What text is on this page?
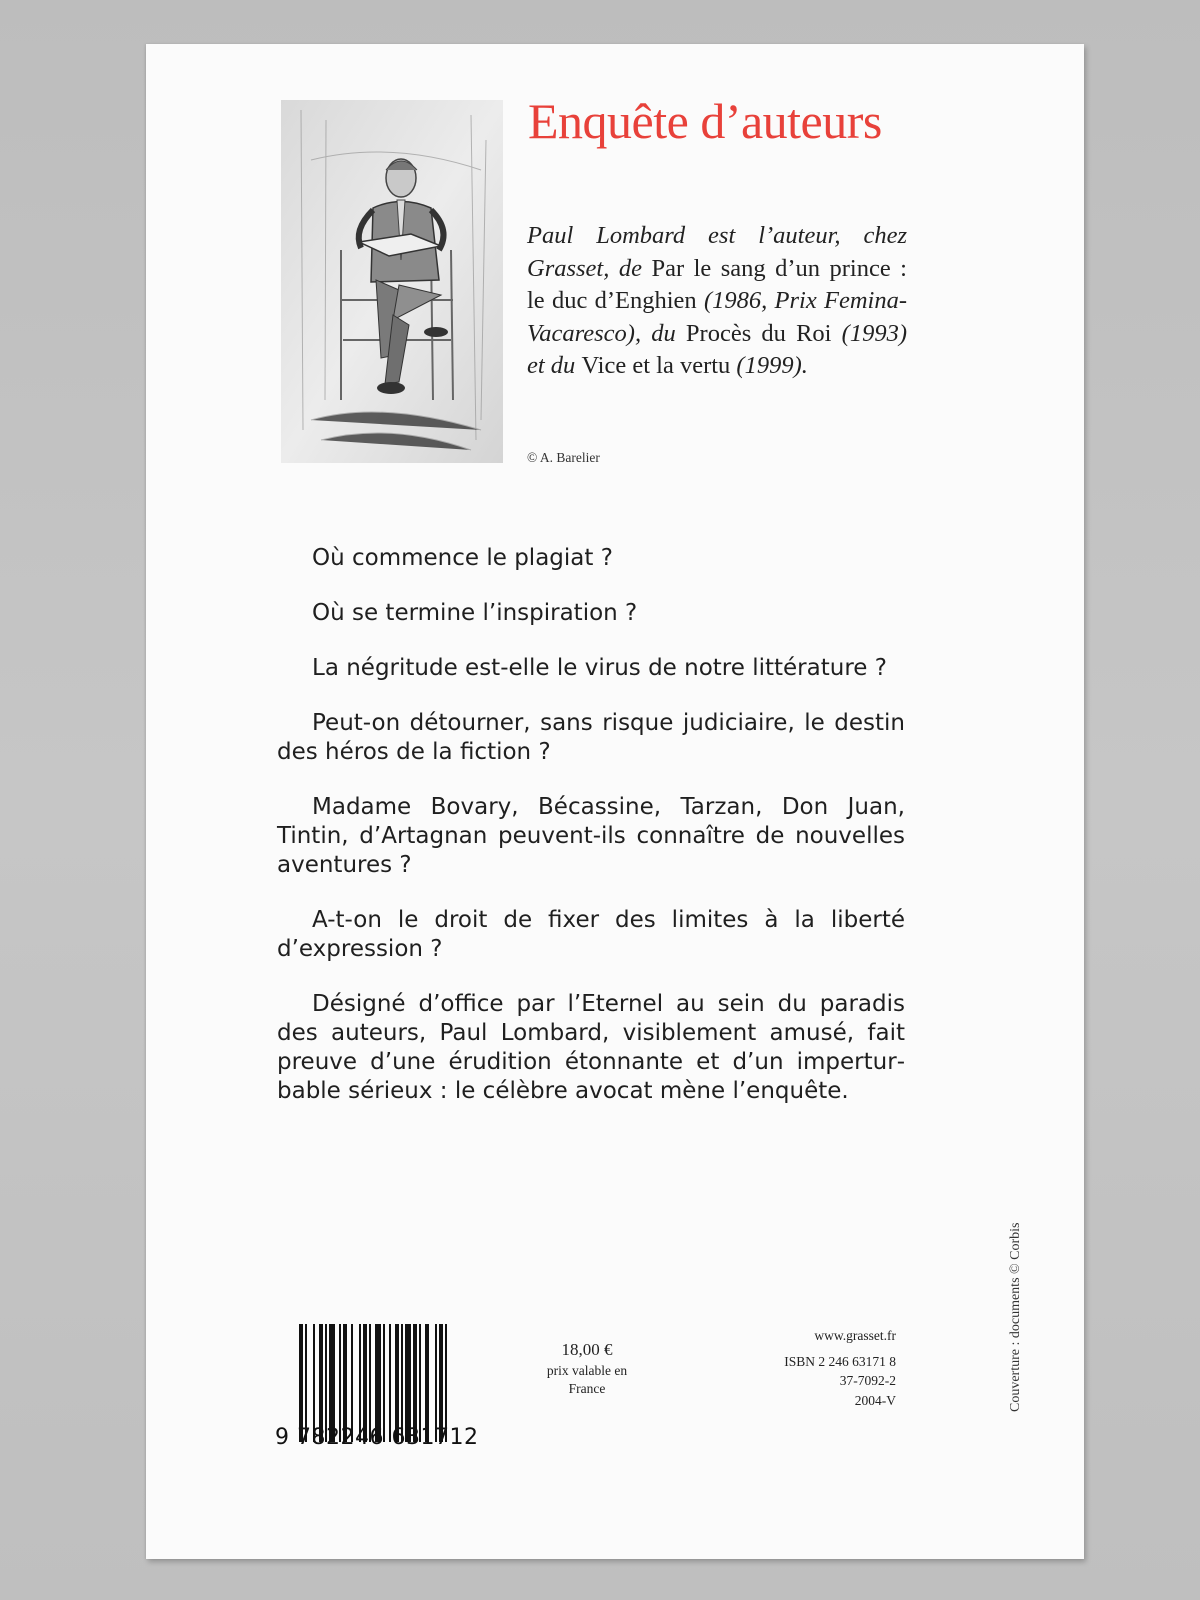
Enquête d’auteurs

Paul Lombard est l’auteur, chez Grasset, de Par le sang d’un prince : le duc d’Enghien (1986, Prix Femina-Vacaresco), du Procès du Roi (1993) et du Vice et la vertu (1999).

© A. Barelier

Où commence le plagiat ?

Où se termine l’inspiration ?

La négritude est-elle le virus de notre littérature ?

Peut-on détourner, sans risque judiciaire, le destin des héros de la fiction ?

Madame Bovary, Bécassine, Tarzan, Don Juan, Tintin, d’Artagnan peuvent-ils connaître de nouvelles aventures ?

A-t-on le droit de fixer des limites à la liberté d’expression ?

Désigné d’office par l’Eternel au sein du paradis des auteurs, Paul Lombard, visiblement amusé, fait preuve d’une érudition étonnante et d’un imperturbable sérieux : le célèbre avocat mène l’enquête.

9 782246 631712
18,00 €
prix valable en
France
www.grasset.fr
ISBN 2 246 63171 8
37-7092-2
2004-V	Couverture : documents © Corbis
